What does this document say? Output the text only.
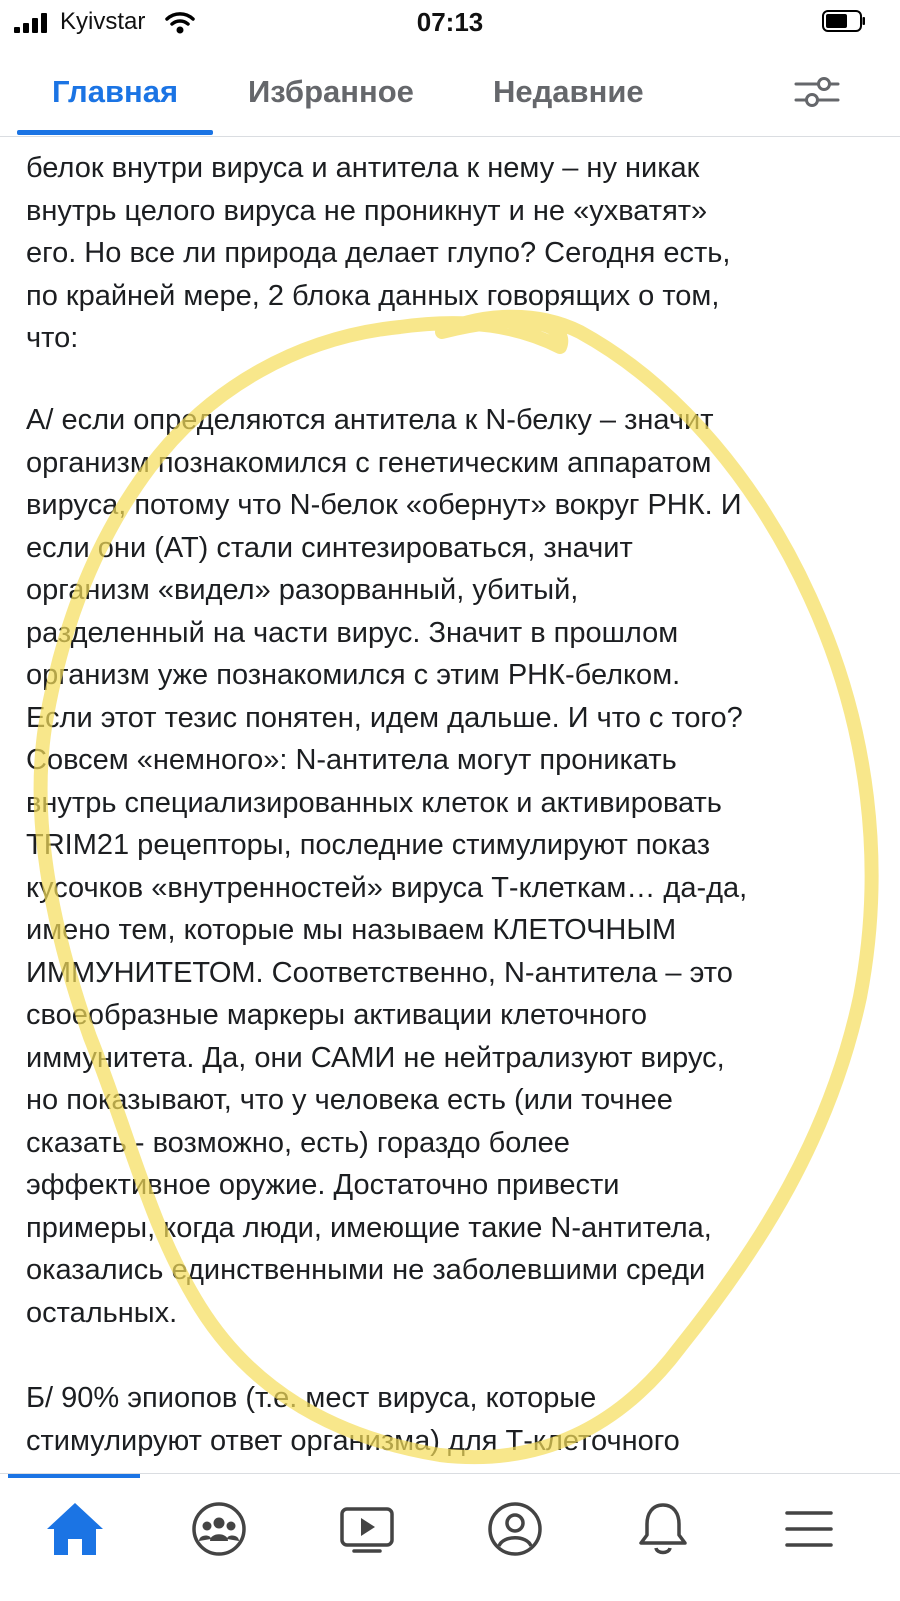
Kyivstar	07:13
Главная Избранное	Недавние

белок внутри вируса и антитела к нему – ну никак
внутрь целого вируса не проникнут и не «ухватят»
его. Но все ли природа делает глупо? Сегодня есть,
по крайней мере, 2 блока данных говорящих о том,
что:

А/ если определяются антитела к N-белку – значит
организм познакомился с генетическим аппаратом
вируса, потому что N-белок «обернут» вокруг РНК. И
если они (АТ) стали синтезироваться, значит
организм «видел» разорванный, убитый,
разделенный на части вирус. Значит в прошлом
организм уже познакомился с этим РНК-белком.
Если этот тезис понятен, идем дальше. И что с того?
Совсем «немного»: N-антитела могут проникать
внутрь специализированных клеток и активировать
TRIM21 рецепторы, последние стимулируют показ
кусочков «внутренностей» вируса Т-клеткам… да-да,
имено тем, которые мы называем КЛЕТОЧНЫМ
ИММУНИТЕТОМ. Соответственно, N-антитела – это
своеобразные маркеры активации клеточного
иммунитета. Да, они САМИ не нейтрализуют вирус,
но показывают, что у человека есть (или точнее
сказать - возможно, есть) гораздо более
эффективное оружие. Достаточно привести
примеры, когда люди, имеющие такие N-антитела,
оказались единственными не заболевшими среди
остальных.

Б/ 90% эпиопов (т.е. мест вируса, которые
стимулируют ответ организма) для Т-клеточного
